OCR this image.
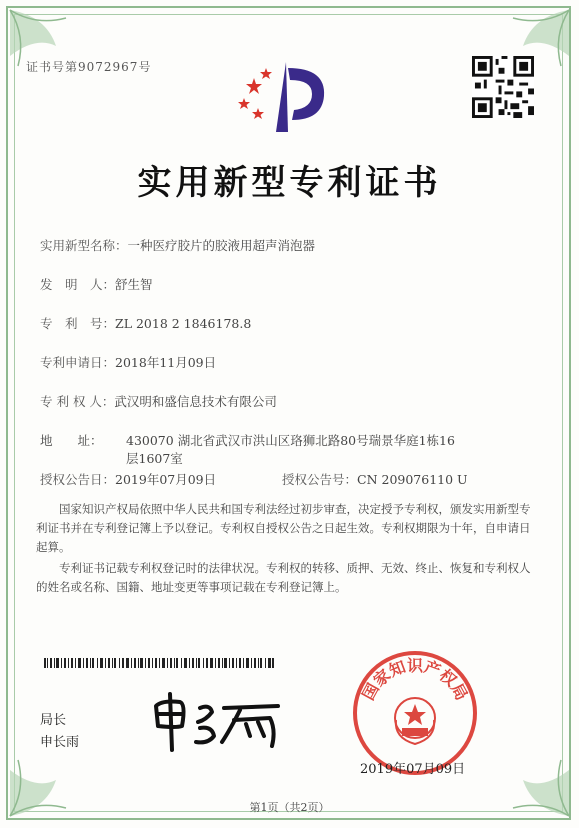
证书号第9072967号
实用新型专利证书
实用新型名称：一种医疗胶片的胶液用超声消泡器
发　明　人：舒生智
专　利　号：ZL 2018 2 1846178.8
专利申请日：2018年11月09日
专 利 权 人：武汉明和盛信息技术有限公司
地　　址： 430070 湖北省武汉市洪山区珞狮北路80号瑞景华庭1栋16
层1607室
授权公告日：2019年07月09日	授权公告号：CN 209076110 U
国家知识产权局依照中华人民共和国专利法经过初步审查，决定授予专利权，颁发实用新型专利证书并在专利登记簿上予以登记。专利权自授权公告之日起生效。专利权期限为十年，自申请日起算。
专利证书记载专利权登记时的法律状况。专利权的转移、质押、无效、终止、恢复和专利权人的姓名或名称、国籍、地址变更等事项记载在专利登记簿上。
局长
申长雨
国家知识产权局
2019年07月09日
第1页（共2页）
